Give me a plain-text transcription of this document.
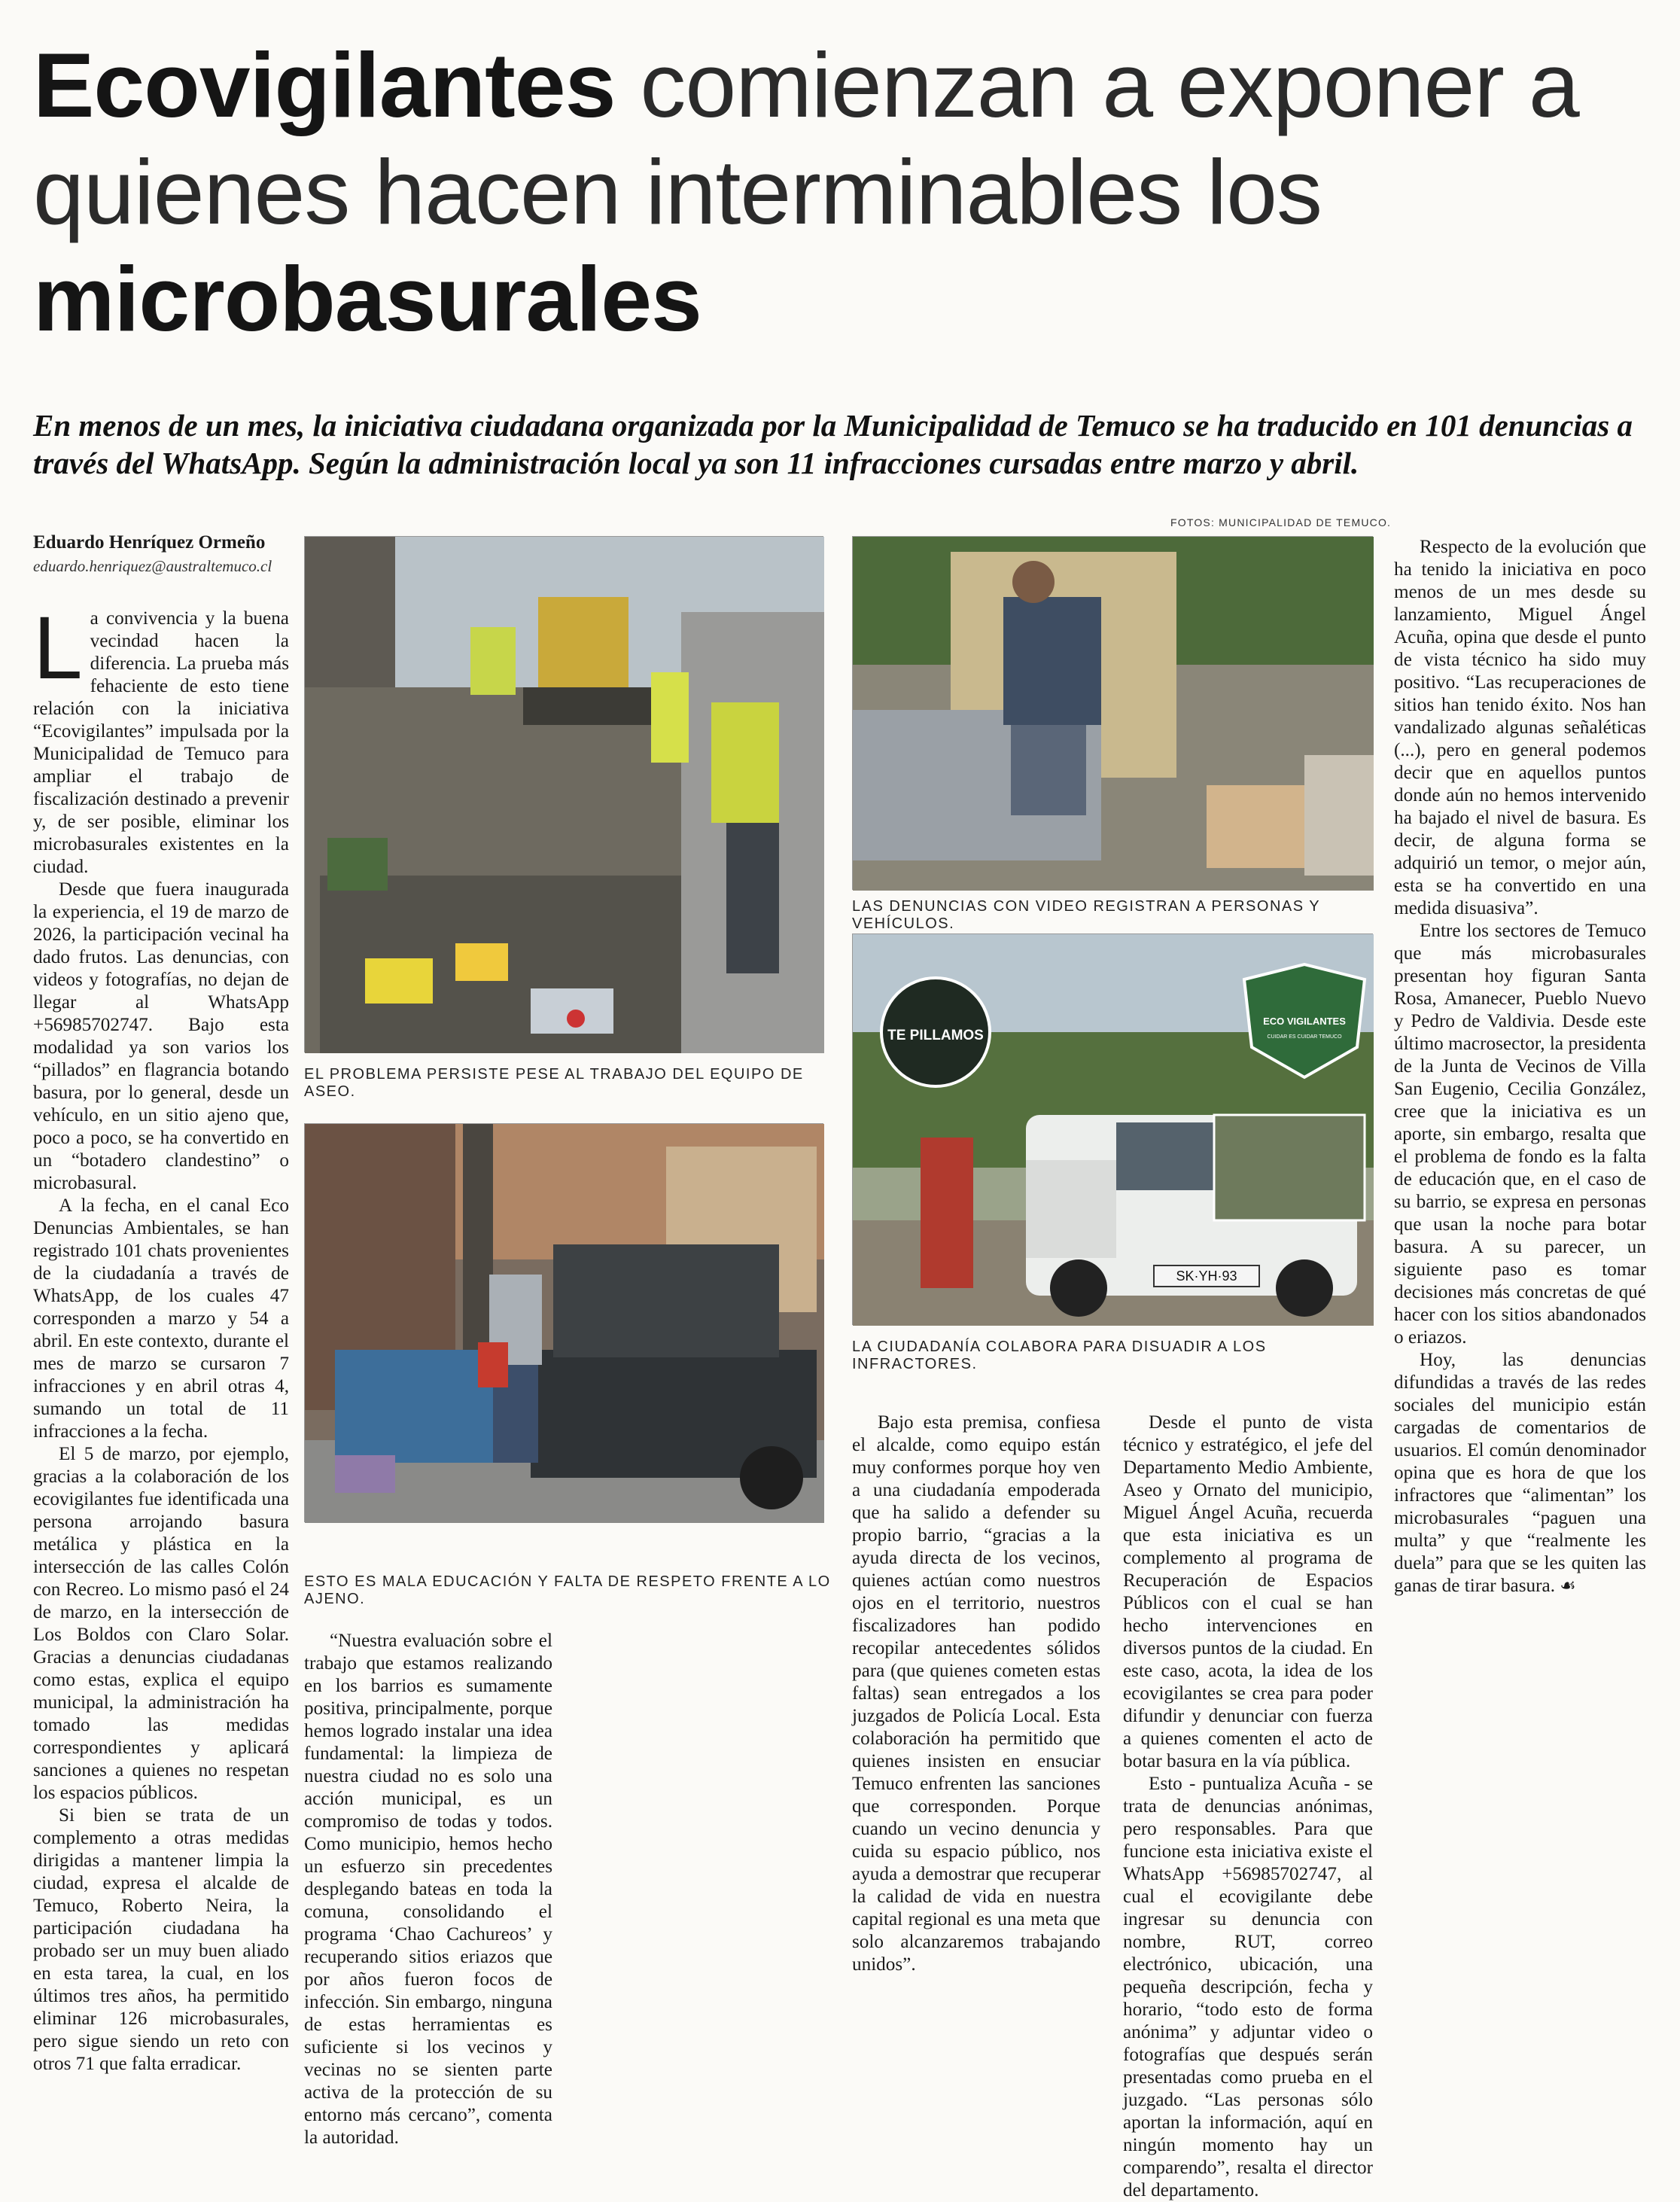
Ecovigilantes comienzan a exponer a quienes hacen interminables los microbasurales
En menos de un mes, la iniciativa ciudadana organizada por la Municipalidad de Temuco se ha traducido en 101 denuncias a través del WhatsApp. Según la administración local ya son 11 infracciones cursadas entre marzo y abril.
Eduardo Henríquez Ormeño
eduardo.henriquez@australtemuco.cl

La convivencia y la buena vecindad hacen la diferencia. La prueba más fehaciente de esto tiene relación con la iniciativa “Ecovigilantes” impulsada por la Municipalidad de Temuco para ampliar el trabajo de fiscalización destinado a prevenir y, de ser posible, eliminar los microbasurales existentes en la ciudad.

Desde que fuera inaugurada la experiencia, el 19 de marzo de 2026, la participación vecinal ha dado frutos. Las denuncias, con videos y fotografías, no dejan de llegar al WhatsApp +56985702747. Bajo esta modalidad ya son varios los “pillados” en flagrancia botando basura, por lo general, desde un vehículo, en un sitio ajeno que, poco a poco, se ha convertido en un “botadero clandestino” o microbasural.

A la fecha, en el canal Eco Denuncias Ambientales, se han registrado 101 chats provenientes de la ciudadanía a través de WhatsApp, de los cuales 47 corresponden a marzo y 54 a abril. En este contexto, durante el mes de marzo se cursaron 7 infracciones y en abril otras 4, sumando un total de 11 infracciones a la fecha.

El 5 de marzo, por ejemplo, gracias a la colaboración de los ecovigilantes fue identificada una persona arrojando basura metálica y plástica en la intersección de las calles Colón con Recreo. Lo mismo pasó el 24 de marzo, en la intersección de Los Boldos con Claro Solar. Gracias a denuncias ciudadanas como estas, explica el equipo municipal, la administración ha tomado las medidas correspondientes y aplicará sanciones a quienes no respetan los espacios públicos.

Si bien se trata de un complemento a otras medidas dirigidas a mantener limpia la ciudad, expresa el alcalde de Temuco, Roberto Neira, la participación ciudadana ha probado ser un muy buen aliado en esta tarea, la cual, en los últimos tres años, ha permitido eliminar 126 microbasurales, pero sigue siendo un reto con otros 71 que falta erradicar.

EL PROBLEMA PERSISTE PESE AL TRABAJO DEL EQUIPO DE ASEO.
ESTO ES MALA EDUCACIÓN Y FALTA DE RESPETO FRENTE A LO AJENO.

“Nuestra evaluación sobre el trabajo que estamos realizando en los barrios es sumamente positiva, principalmente, porque hemos logrado instalar una idea fundamental: la limpieza de nuestra ciudad no es solo una acción municipal, es un compromiso de todas y todos. Como municipio, hemos hecho un esfuerzo sin precedentes desplegando bateas en toda la comuna, consolidando el programa ‘Chao Cachureos’ y recuperando sitios eriazos que por años fueron focos de infección. Sin embargo, ninguna de estas herramientas es suficiente si los vecinos y vecinas no se sienten parte activa de la protección de su entorno más cercano”, comenta la autoridad.

FOTOS: MUNICIPALIDAD DE TEMUCO.
LAS DENUNCIAS CON VIDEO REGISTRAN A PERSONAS Y VEHÍCULOS.
SK·YH·93
TE PILLAMOS
ECO VIGILANTES
CUIDAR ES CUIDAR TEMUCO
LA CIUDADANÍA COLABORA PARA DISUADIR A LOS INFRACTORES.

Bajo esta premisa, confiesa el alcalde, como equipo están muy conformes porque hoy ven a una ciudadanía empoderada que ha salido a defender su propio barrio, “gracias a la ayuda directa de los vecinos, quienes actúan como nuestros ojos en el territorio, nuestros fiscalizadores han podido recopilar antecedentes sólidos para (que quienes cometen estas faltas) sean entregados a los juzgados de Policía Local. Esta colaboración ha permitido que quienes insisten en ensuciar Temuco enfrenten las sanciones que corresponden. Porque cuando un vecino denuncia y cuida su espacio público, nos ayuda a demostrar que recuperar la calidad de vida en nuestra capital regional es una meta que solo alcanzaremos trabajando unidos”.

Desde el punto de vista técnico y estratégico, el jefe del Departamento Medio Ambiente, Aseo y Ornato del municipio, Miguel Ángel Acuña, recuerda que esta iniciativa es un complemento al programa de Recuperación de Espacios Públicos con el cual se han hecho intervenciones en diversos puntos de la ciudad. En este caso, acota, la idea de los ecovigilantes se crea para poder difundir y denunciar con fuerza a quienes comenten el acto de botar basura en la vía pública.

Esto - puntualiza Acuña - se trata de denuncias anónimas, pero responsables. Para que funcione esta iniciativa existe el WhatsApp +56985702747, al cual el ecovigilante debe ingresar su denuncia con nombre, RUT, correo electrónico, ubicación, una pequeña descripción, fecha y horario, “todo esto de forma anónima” y adjuntar video o fotografías que después serán presentadas como prueba en el juzgado. “Las personas sólo aportan la información, aquí en ningún momento hay un comparendo”, resalta el director del departamento.

Respecto de la evolución que ha tenido la iniciativa en poco menos de un mes desde su lanzamiento, Miguel Ángel Acuña, opina que desde el punto de vista técnico ha sido muy positivo. “Las recuperaciones de sitios han tenido éxito. Nos han vandalizado algunas señaléticas (...), pero en general podemos decir que en aquellos puntos donde aún no hemos intervenido ha bajado el nivel de basura. Es decir, de alguna forma se adquirió un temor, o mejor aún, esta se ha convertido en una medida disuasiva”.

Entre los sectores de Temuco que más microbasurales presentan hoy figuran Santa Rosa, Amanecer, Pueblo Nuevo y Pedro de Valdivia. Desde este último macrosector, la presidenta de la Junta de Vecinos de Villa San Eugenio, Cecilia González, cree que la iniciativa es un aporte, sin embargo, resalta que el problema de fondo es la falta de educación que, en el caso de su barrio, se expresa en personas que usan la noche para botar basura. A su parecer, un siguiente paso es tomar decisiones más concretas de qué hacer con los sitios abandonados o eriazos.

Hoy, las denuncias difundidas a través de las redes sociales del municipio están cargadas de comentarios de usuarios. El común denominador opina que es hora de que los infractores que “alimentan” los microbasurales “paguen una multa” y que “realmente les duela” para que se les quiten las ganas de tirar basura. ☙
